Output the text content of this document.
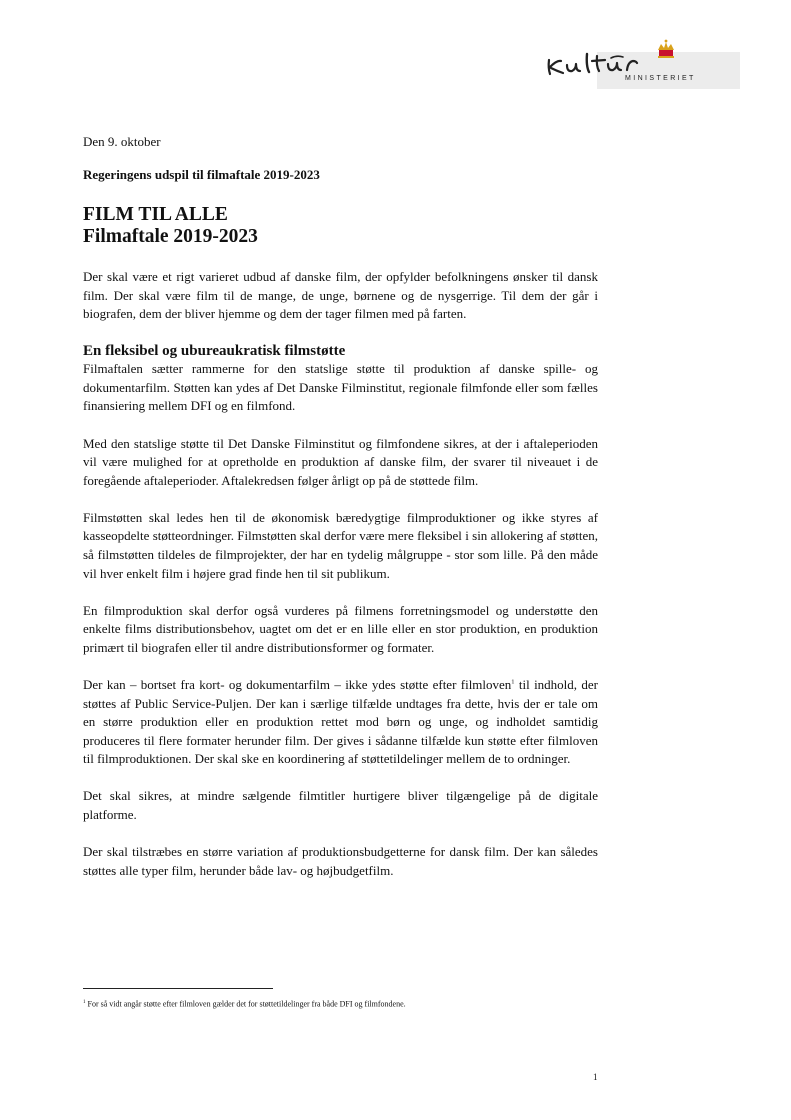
MINISTERIET
Den 9. oktober
Regeringens udspil til filmaftale 2019-2023
FILM TIL ALLE
Filmaftale 2019-2023

Der skal være et rigt varieret udbud af danske film, der opfylder befolkningens ønsker til dansk film. Der skal være film til de mange, de unge, børnene og de nysgerrige. Til dem der går i biografen, dem der bliver hjemme og dem der tager filmen med på farten.

En fleksibel og ubureaukratisk filmstøtte

Filmaftalen sætter rammerne for den statslige støtte til produktion af danske spille- og dokumentarfilm. Støtten kan ydes af Det Danske Filminstitut, regionale filmfonde eller som fælles finansiering mellem DFI og en filmfond.

Med den statslige støtte til Det Danske Filminstitut og filmfondene sikres, at der i aftaleperioden vil være mulighed for at opretholde en produktion af danske film, der svarer til niveauet i de foregående aftaleperioder. Aftalekredsen følger årligt op på de støttede film.

Filmstøtten skal ledes hen til de økonomisk bæredygtige filmproduktioner og ikke styres af kasseopdelte støtteordninger. Filmstøtten skal derfor være mere fleksibel i sin allokering af støtten, så filmstøtten tildeles de filmprojekter, der har en tydelig målgruppe - stor som lille. På den måde vil hver enkelt film i højere grad finde hen til sit publikum.

En filmproduktion skal derfor også vurderes på filmens forretningsmodel og understøtte den enkelte films distributionsbehov, uagtet om det er en lille eller en stor produktion, en produktion primært til biografen eller til andre distributionsformer og formater.

Der kan – bortset fra kort- og dokumentarfilm – ikke ydes støtte efter filmloven$^1$ til indhold, der støttes af Public Service-Puljen. Der kan i særlige tilfælde undtages fra dette, hvis der er tale om en større produktion eller en produktion rettet mod børn og unge, og indholdet samtidig produceres til flere formater herunder film. Der gives i sådanne tilfælde kun støtte efter filmloven til filmproduktionen. Der skal ske en koordinering af støttetildelinger mellem de to ordninger.

Det skal sikres, at mindre sælgende filmtitler hurtigere bliver tilgængelige på de digitale platforme.

Der skal tilstræbes en større variation af produktionsbudgetterne for dansk film. Der kan således støttes alle typer film, herunder både lav- og højbudgetfilm.

$^1$ For så vidt angår støtte efter filmloven gælder det for støttetildelinger fra både DFI og filmfondene.
1
